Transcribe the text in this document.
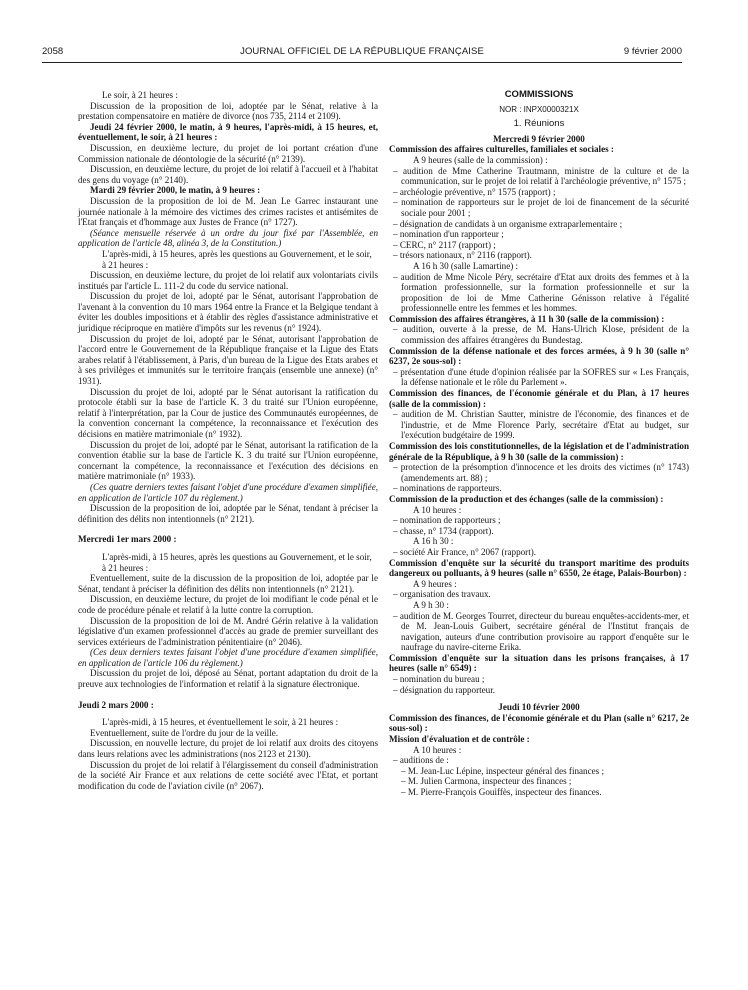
2058	JOURNAL OFFICIEL DE LA RÉPUBLIQUE FRANÇAISE	9 février 2000

Le soir, à 21 heures :

Discussion de la proposition de loi, adoptée par le Sénat, relative à la prestation compensatoire en matière de divorce (nos 735, 2114 et 2109).

Jeudi 24 février 2000, le matin, à 9 heures, l'après-midi, à 15 heures, et, éventuellement, le soir, à 21 heures :

Discussion, en deuxième lecture, du projet de loi portant création d'une Commission nationale de déontologie de la sécurité (n° 2139).

Discussion, en deuxième lecture, du projet de loi relatif à l'accueil et à l'habitat des gens du voyage (n° 2140).

Mardi 29 février 2000, le matin, à 9 heures :

Discussion de la proposition de loi de M. Jean Le Garrec instaurant une journée nationale à la mémoire des victimes des crimes racistes et antisémites de l'Etat français et d'hommage aux Justes de France (n° 1727).

(Séance mensuelle réservée à un ordre du jour fixé par l'Assemblée, en application de l'article 48, alinéa 3, de la Constitution.)

L'après-midi, à 15 heures, après les questions au Gouvernement, et le soir, à 21 heures :

Discussion, en deuxième lecture, du projet de loi relatif aux volontariats civils institués par l'article L. 111-2 du code du service national.

Discussion du projet de loi, adopté par le Sénat, autorisant l'approbation de l'avenant à la convention du 10 mars 1964 entre la France et la Belgique tendant à éviter les doubles impositions et à établir des règles d'assistance administrative et juridique réciproque en matière d'impôts sur les revenus (n° 1924).

Discussion du projet de loi, adopté par le Sénat, autorisant l'approbation de l'accord entre le Gouvernement de la République française et la Ligue des Etats arabes relatif à l'établissement, à Paris, d'un bureau de la Ligue des Etats arabes et à ses privilèges et immunités sur le territoire français (ensemble une annexe) (n° 1931).

Discussion du projet de loi, adopté par le Sénat autorisant la ratification du protocole établi sur la base de l'article K. 3 du traité sur l'Union européenne, relatif à l'interprétation, par la Cour de justice des Communautés européennes, de la convention concernant la compétence, la reconnaissance et l'exécution des décisions en matière matrimoniale (n° 1932).

Discussion du projet de loi, adopté par le Sénat, autorisant la ratification de la convention établie sur la base de l'article K. 3 du traité sur l'Union européenne, concernant la compétence, la reconnaissance et l'exécution des décisions en matière matrimoniale (n° 1933).

(Ces quatre derniers textes faisant l'objet d'une procédure d'examen simplifiée, en application de l'article 107 du règlement.)

Discussion de la proposition de loi, adoptée par le Sénat, tendant à préciser la définition des délits non intentionnels (n° 2121).

Mercredi 1er mars 2000 :

L'après-midi, à 15 heures, après les questions au Gouvernement, et le soir, à 21 heures :

Eventuellement, suite de la discussion de la proposition de loi, adoptée par le Sénat, tendant à préciser la définition des délits non intentionnels (n° 2121).

Discussion, en deuxième lecture, du projet de loi modifiant le code pénal et le code de procédure pénale et relatif à la lutte contre la corruption.

Discussion de la proposition de loi de M. André Gérin relative à la validation législative d'un examen professionnel d'accès au grade de premier surveillant des services extérieurs de l'administration pénitentiaire (n° 2046).

(Ces deux derniers textes faisant l'objet d'une procédure d'examen simplifiée, en application de l'article 106 du règlement.)

Discussion du projet de loi, déposé au Sénat, portant adaptation du droit de la preuve aux technologies de l'information et relatif à la signature électronique.

Jeudi 2 mars 2000 :

L'après-midi, à 15 heures, et éventuellement le soir, à 21 heures :

Eventuellement, suite de l'ordre du jour de la veille.

Discussion, en nouvelle lecture, du projet de loi relatif aux droits des citoyens dans leurs relations avec les administrations (nos 2123 et 2130).

Discussion du projet de loi relatif à l'élargissement du conseil d'administration de la société Air France et aux relations de cette société avec l'Etat, et portant modification du code de l'aviation civile (n° 2067).

COMMISSIONS

NOR : INPX0000321X

1. Réunions

Mercredi 9 février 2000

Commission des affaires culturelles, familiales et sociales :

A 9 heures (salle de la commission) :

– audition de Mme Catherine Trautmann, ministre de la culture et de la communication, sur le projet de loi relatif à l'archéologie préventive, n° 1575 ;

– archéologie préventive, n° 1575 (rapport) ;

– nomination de rapporteurs sur le projet de loi de financement de la sécurité sociale pour 2001 ;

– désignation de candidats à un organisme extraparlementaire ;

– nomination d'un rapporteur ;

– CERC, n° 2117 (rapport) ;

– trésors nationaux, n° 2116 (rapport).

A 16 h 30 (salle Lamartine) :

– audition de Mme Nicole Péry, secrétaire d'Etat aux droits des femmes et à la formation professionnelle, sur la formation professionnelle et sur la proposition de loi de Mme Catherine Génisson relative à l'égalité professionnelle entre les femmes et les hommes.

Commission des affaires étrangères, à 11 h 30 (salle de la commission) :

– audition, ouverte à la presse, de M. Hans-Ulrich Klose, président de la commission des affaires étrangères du Bundestag.

Commission de la défense nationale et des forces armées, à 9 h 30 (salle n° 6237, 2e sous-sol) :

– présentation d'une étude d'opinion réalisée par la SOFRES sur « Les Français, la défense nationale et le rôle du Parlement ».

Commission des finances, de l'économie générale et du Plan, à 17 heures (salle de la commission) :

– audition de M. Christian Sautter, ministre de l'économie, des finances et de l'industrie, et de Mme Florence Parly, secrétaire d'Etat au budget, sur l'exécution budgétaire de 1999.

Commission des lois constitutionnelles, de la législation et de l'administration générale de la République, à 9 h 30 (salle de la commission) :

– protection de la présomption d'innocence et les droits des victimes (n° 1743) (amendements art. 88) ;

– nominations de rapporteurs.

Commission de la production et des échanges (salle de la commission) :

A 10 heures :

– nomination de rapporteurs ;

– chasse, n° 1734 (rapport).

A 16 h 30 :

– société Air France, n° 2067 (rapport).

Commission d'enquête sur la sécurité du transport maritime des produits dangereux ou polluants, à 9 heures (salle n° 6550, 2e étage, Palais-Bourbon) :

A 9 heures :

– organisation des travaux.

A 9 h 30 :

– audition de M. Georges Tourret, directeur du bureau enquêtes-accidents-mer, et de M. Jean-Louis Guibert, secrétaire général de l'Institut français de navigation, auteurs d'une contribution provisoire au rapport d'enquête sur le naufrage du navire-citerne Erika.

Commission d'enquête sur la situation dans les prisons françaises, à 17 heures (salle n° 6549) :

– nomination du bureau ;

– désignation du rapporteur.

Jeudi 10 février 2000

Commission des finances, de l'économie générale et du Plan (salle n° 6217, 2e sous-sol) :

Mission d'évaluation et de contrôle :

A 10 heures :

– auditions de :

– M. Jean-Luc Lépine, inspecteur général des finances ;

– M. Julien Carmona, inspecteur des finances ;

– M. Pierre-François Gouiffès, inspecteur des finances.
